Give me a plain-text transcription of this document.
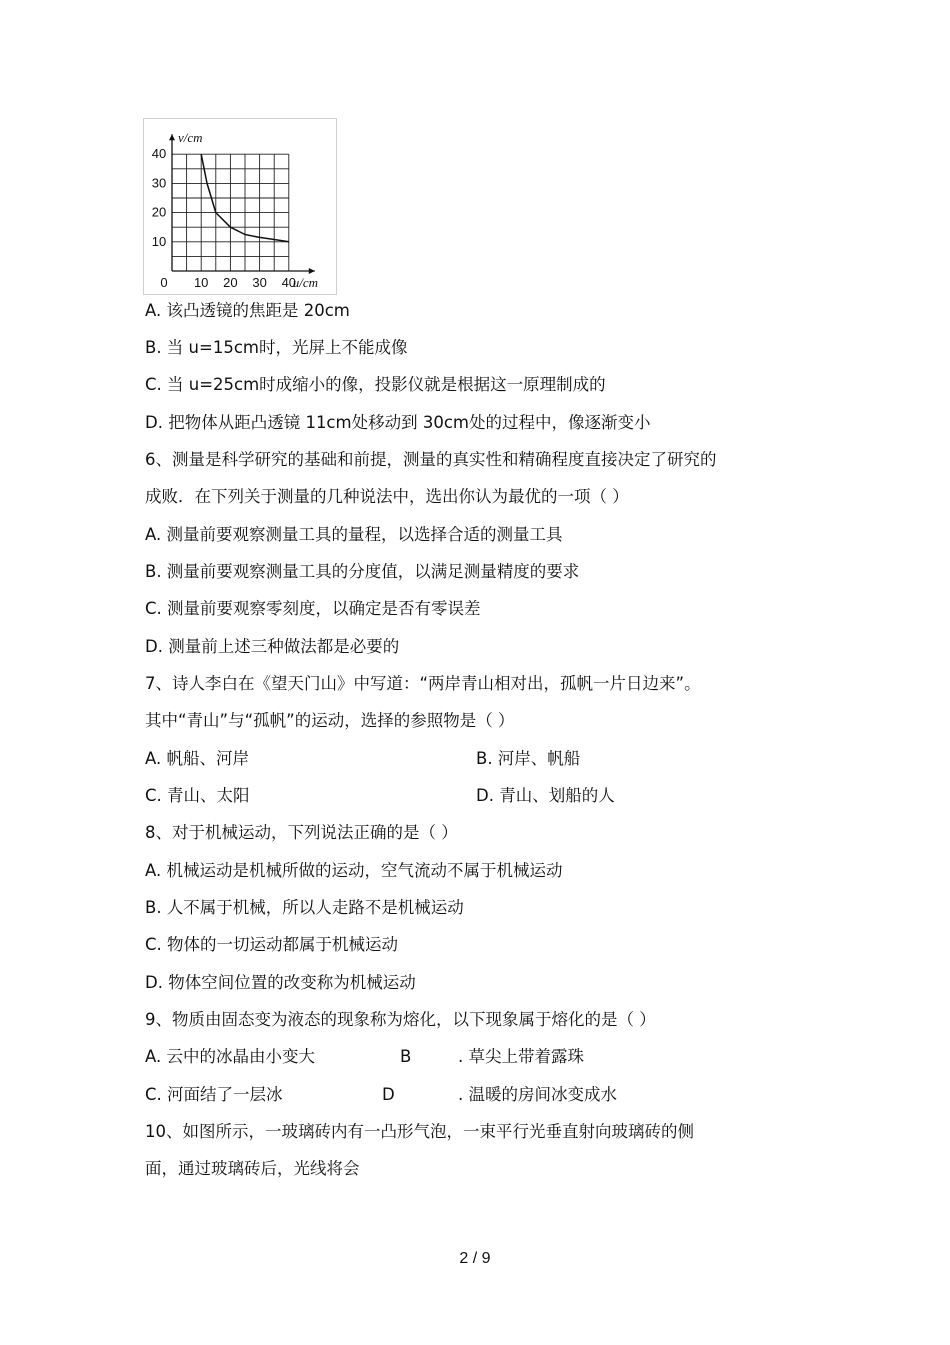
0 10 20 30 40
10
20
30
40
u/cm
v/cm
A. 该凸透镜的焦距是 20cm
B. 当 u=15cm时，光屏上不能成像
C. 当 u=25cm时成缩小的像，投影仪就是根据这一原理制成的
D. 把物体从距凸透镜 11cm处移动到 30cm处的过程中，像逐渐变小
6、测量是科学研究的基础和前提，测量的真实性和精确程度直接决定了研究的
成败．在下列关于测量的几种说法中，选出你认为最优的一项（ ）
A. 测量前要观察测量工具的量程，以选择合适的测量工具
B. 测量前要观察测量工具的分度值，以满足测量精度的要求
C. 测量前要观察零刻度，以确定是否有零误差
D. 测量前上述三种做法都是必要的
7、诗人李白在《望天门山》中写道：“两岸青山相对出，孤帆一片日边来”。
其中“青山”与“孤帆”的运动，选择的参照物是（ ）
A. 帆船、河岸	B. 河岸、帆船
C. 青山、太阳	D. 青山、划船的人
8、对于机械运动，下列说法正确的是（ ）
A. 机械运动是机械所做的运动，空气流动不属于机械运动
B. 人不属于机械，所以人走路不是机械运动
C. 物体的一切运动都属于机械运动
D. 物体空间位置的改变称为机械运动
9、物质由固态变为液态的现象称为熔化，以下现象属于熔化的是（ ）
A. 云中的冰晶由小变大	B	. 草尖上带着露珠
C. 河面结了一层冰	D	. 温暖的房间冰变成水
10、如图所示，一玻璃砖内有一凸形气泡，一束平行光垂直射向玻璃砖的侧
面，通过玻璃砖后，光线将会
2 / 9
